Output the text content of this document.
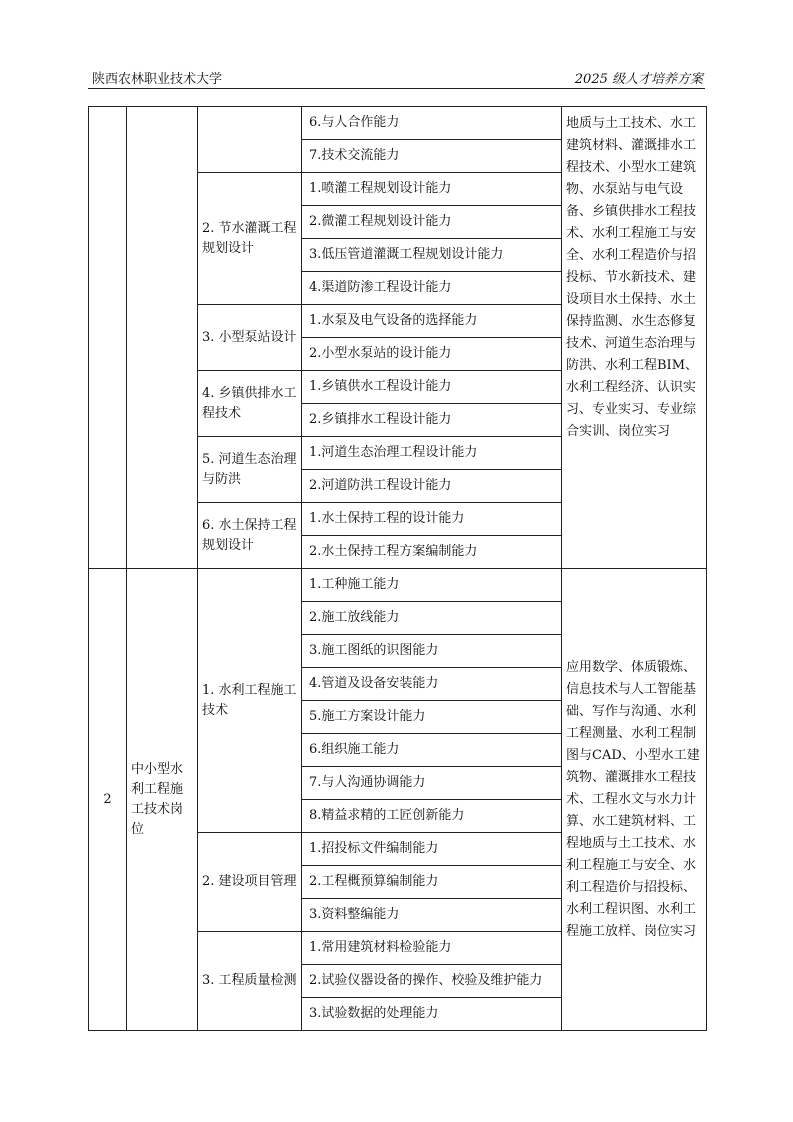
陕西农林职业技术大学	2025 级人才培养方案
			6.与人合作能力	地质与土工技术、水工建筑材料、灌溉排水工程技术、小型水工建筑物、水泵站与电气设备、乡镇供排水工程技术、水利工程施工与安全、水利工程造价与招投标、节水新技术、建设项目水土保持、水土保持监测、水生态修复技术、河道生态治理与防洪、水利工程BIM、水利工程经济、认识实习、专业实习、专业综合实训、岗位实习
			7.技术交流能力	
		2. 节水灌溉工程规划设计	1.喷灌工程规划设计能力	
			2.微灌工程规划设计能力	
			3.低压管道灌溉工程规划设计能力	
			4.渠道防渗工程设计能力	
		3. 小型泵站设计	1.水泵及电气设备的选择能力	
			2.小型水泵站的设计能力	
		4. 乡镇供排水工程技术	1.乡镇供水工程设计能力	
			2.乡镇排水工程设计能力	
		5. 河道生态治理与防洪	1.河道生态治理工程设计能力	
			2.河道防洪工程设计能力	
		6. 水土保持工程规划设计	1.水土保持工程的设计能力	
			2.水土保持工程方案编制能力	
2	中小型水利工程施工技术岗位	1. 水利工程施工技术	1.工种施工能力	应用数学、体质锻炼、信息技术与人工智能基础、写作与沟通、水利工程测量、水利工程制图与CAD、小型水工建筑物、灌溉排水工程技术、工程水文与水力计算、水工建筑材料、工程地质与土工技术、水利工程施工与安全、水利工程造价与招投标、水利工程识图、水利工程施工放样、岗位实习
			2.施工放线能力	
			3.施工图纸的识图能力	
			4.管道及设备安装能力	
			5.施工方案设计能力	
			6.组织施工能力	
			7.与人沟通协调能力	
			8.精益求精的工匠创新能力	
		2. 建设项目管理	1.招投标文件编制能力	
			2.工程概预算编制能力	
			3.资料整编能力	
		3. 工程质量检测	1.常用建筑材料检验能力	
			2.试验仪器设备的操作、校验及维护能力	
			3.试验数据的处理能力	
